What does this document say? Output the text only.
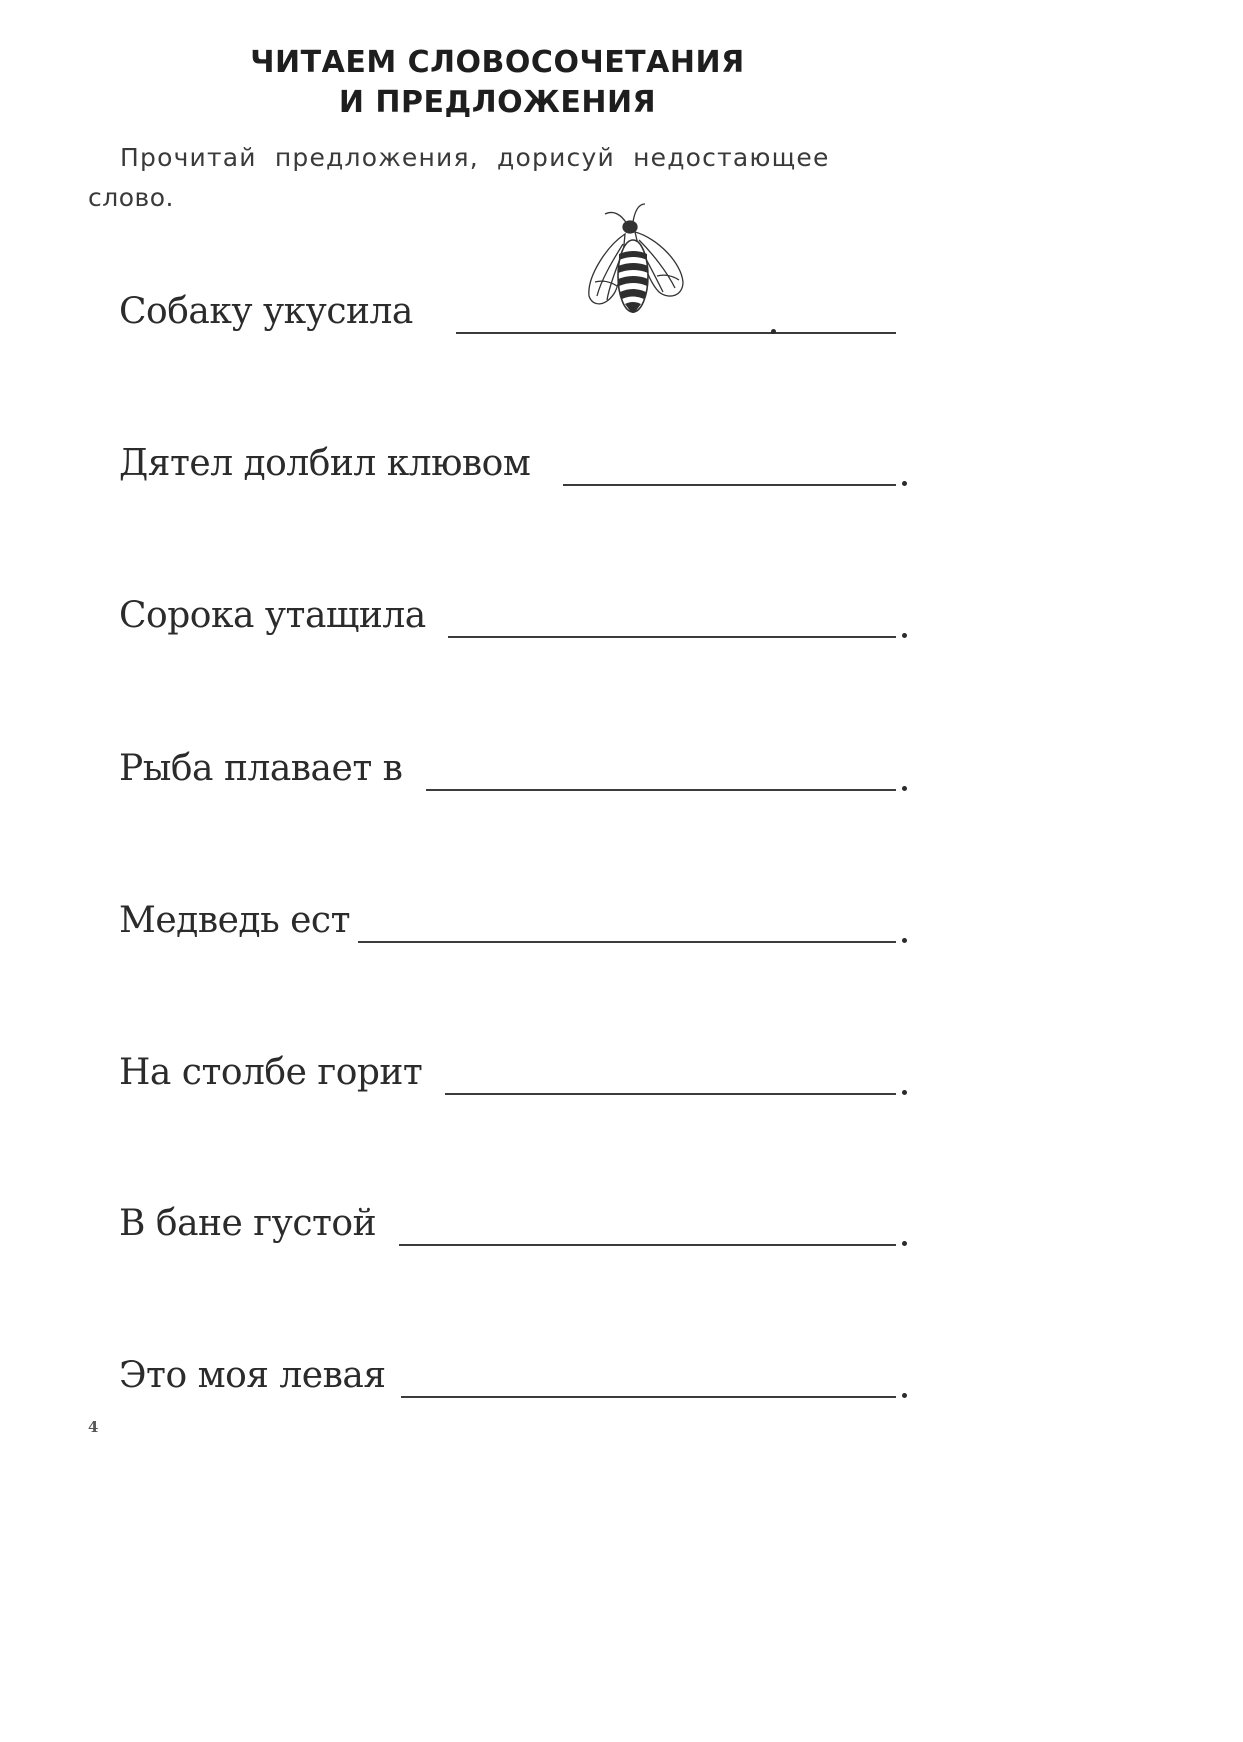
ЧИТАЕМ СЛОВОСОЧЕТАНИЯ
И ПРЕДЛОЖЕНИЯ
Прочитай предложения, дорисуй недостающее
слово.
Собаку укусила
Дятел долбил клювом
Сорока утащила
Рыба плавает в
Медведь ест
На столбе горит
В бане густой
Это моя левая
4
